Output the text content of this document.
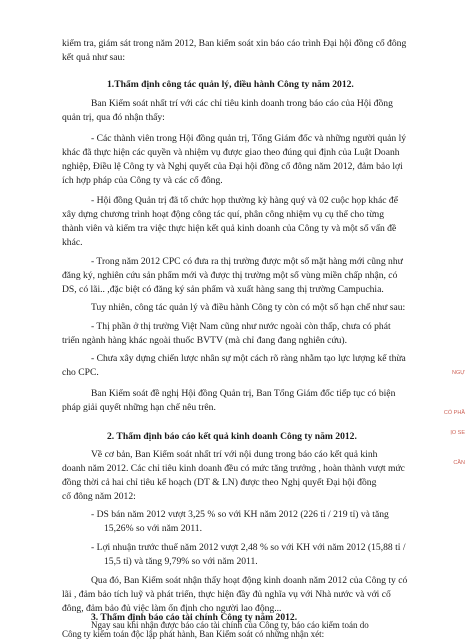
kiểm tra, giám sát trong năm 2012, Ban kiểm soát xin báo cáo trình Đại hội đồng cổ đông
kết quả như sau:
1.Thẩm định công tác quản lý, điều hành Công ty năm 2012.
Ban Kiểm soát nhất trí với các chỉ tiêu kinh doanh trong báo cáo của Hội đồng
quản trị, qua đó nhận thấy:
- Các thành viên trong Hội đồng quản trị, Tổng Giám đốc và những người quản lý
khác đã thực hiện các quyền và nhiệm vụ được giao theo đúng qui định của Luật Doanh
nghiệp, Điều lệ Công ty và Nghị quyết của Đại hội đồng cổ đông năm 2012, đảm bảo lợi
ích hợp pháp của Công ty và các cổ đông.
- Hội đồng Quản trị đã tổ chức họp thường kỳ hàng quý và 02 cuộc họp khác để
xây dựng chương trình hoạt động công tác quí, phân công nhiệm vụ cụ thể cho từng
thành viên và kiểm tra việc thực hiện kết quả kinh doanh của Công ty và một số vấn đề
khác.
- Trong năm 2012 CPC có đưa ra thị trường được một số mặt hàng mới cũng như
đăng ký, nghiên cứu sản phẩm mới và được thị trường một số vùng miền chấp nhận, có
DS, có lãi.. ,đặc biệt có đăng ký sản phẩm và xuất hàng sang thị trường Campuchia.
Tuy nhiên, công tác quản lý và điều hành Công ty còn có một số hạn chế như sau:
- Thị phần ở thị trường Việt Nam cũng như nước ngoài còn thấp, chưa có phát
triển ngành hàng khác ngoài thuốc BVTV (mà chỉ đang đang nghiên cứu).
- Chưa xây dựng chiến lược nhân sự một cách rõ ràng nhằm tạo lực lượng kế thừa
cho CPC.
Ban Kiểm soát đề nghị Hội đồng Quản trị, Ban Tổng Giám đốc tiếp tục có biện
pháp giải quyết những hạn chế nêu trên.
2. Thẩm định báo cáo kết quả kinh doanh Công ty năm 2012.
Về cơ bản, Ban Kiểm soát nhất trí với nội dung trong báo cáo kết quả kinh
doanh năm 2012. Các chỉ tiêu kinh doanh đều có mức tăng trưởng , hoàn thành vượt mức
đồng thời cả hai chỉ tiêu kế hoạch (DT & LN) được theo Nghị quyết Đại hội đồng
cổ đông năm 2012:
- DS bán năm 2012 vượt 3,25 % so với KH năm 2012 (226 tỉ / 219 tỉ) và tăng
15,26% so với năm 2011.
- Lợi nhuận trước thuế năm 2012 vượt 2,48 % so với KH với năm 2012 (15,88 tỉ /
15,5 tỉ) và tăng 9,79% so với năm 2011.
Qua đó, Ban Kiểm soát nhận thấy hoạt động kinh doanh năm 2012 của Công ty có
lãi , đảm bảo tích luỹ và phát triển, thực hiện đầy đủ nghĩa vụ với Nhà nước và với cổ
đông, đảm bảo đủ việc làm ổn định cho người lao động...
3. Thẩm định báo cáo tài chính Công ty năm 2012.
Ngay sau khi nhận được báo cáo tài chính của Công ty, báo cáo kiểm toán do
Công ty kiểm toán độc lập phát hành, Ban Kiểm soát có những nhận xét:
NGỰ
CỔ PHẦ
ỊO SE
CẦN
